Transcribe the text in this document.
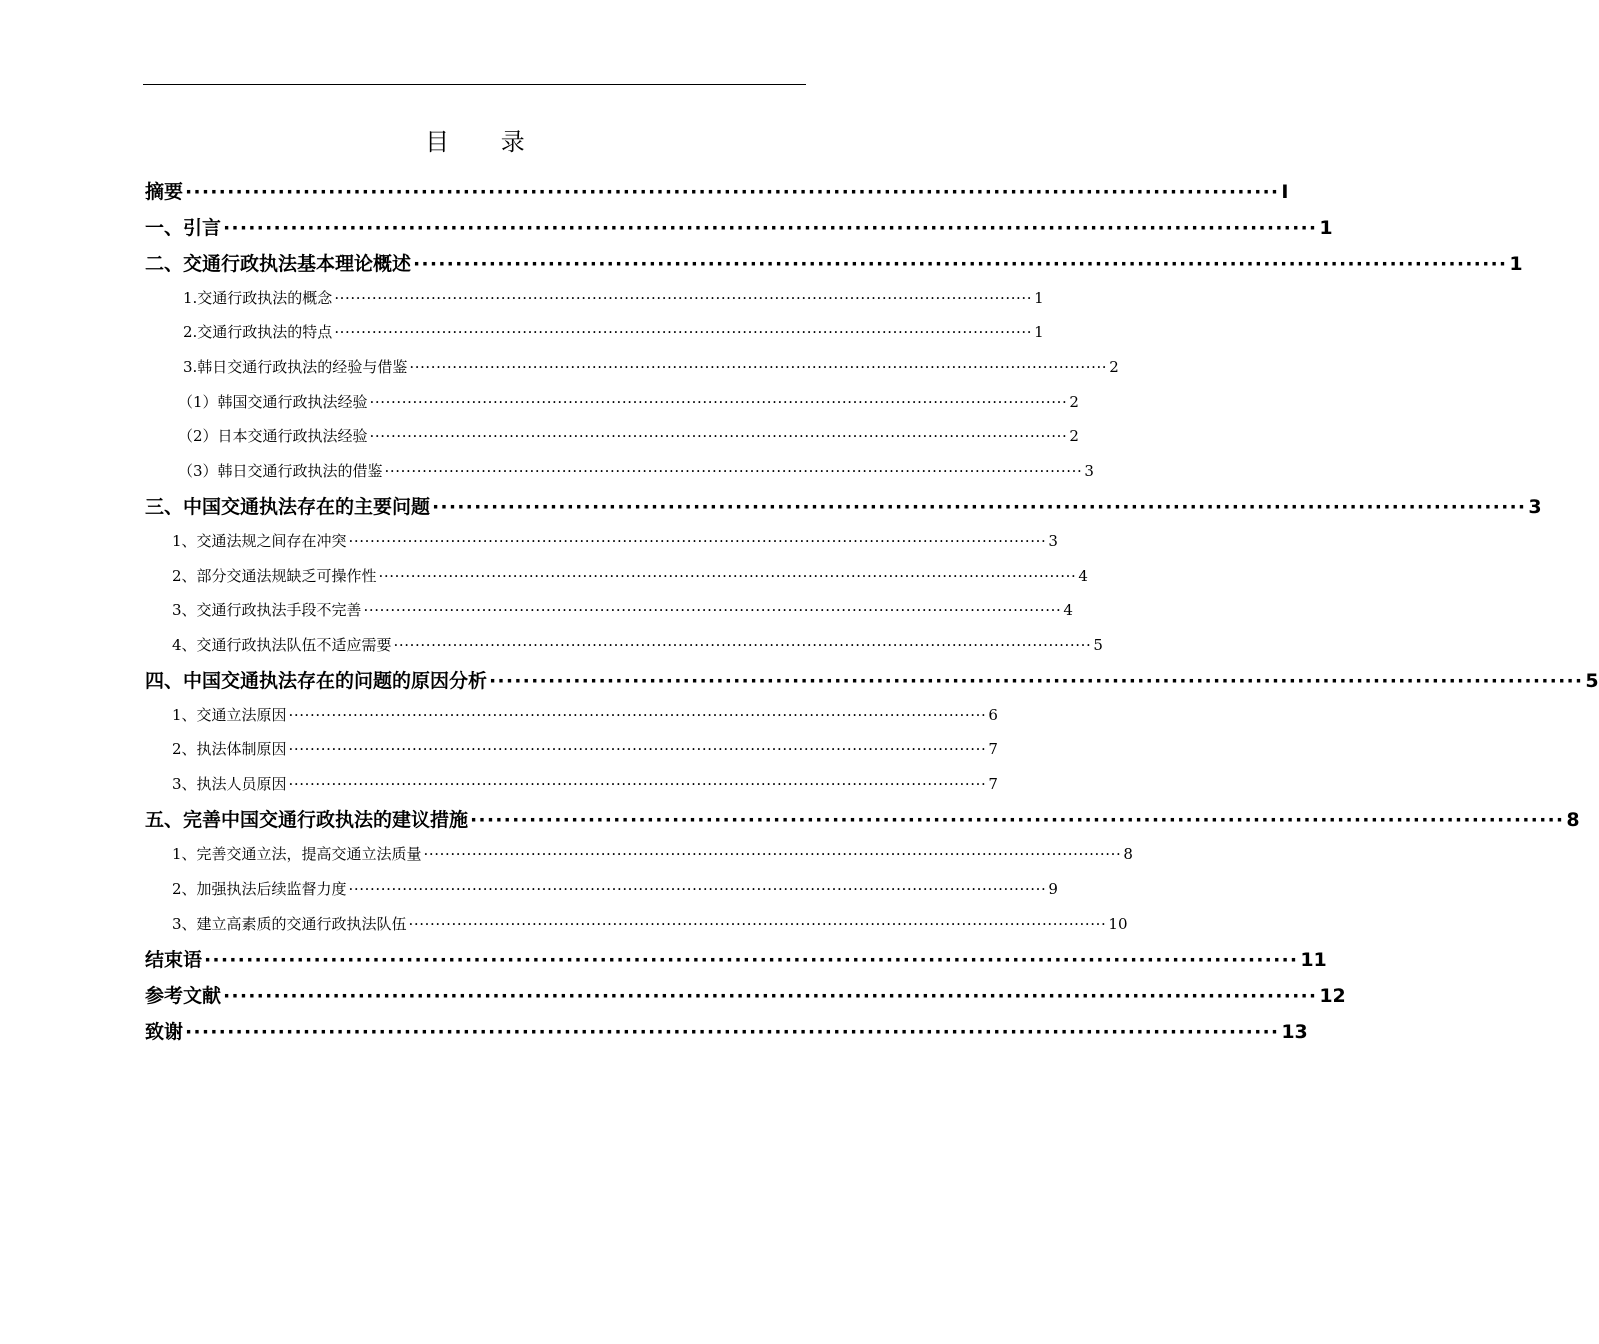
目 录
摘要 ·································································································································· I
一、引言 ·································································································································· 1
二、交通行政执法基本理论概述 ·································································································································· 1
1.交通行政执法的概念 ·································································································································· 1
2.交通行政执法的特点 ·································································································································· 1
3.韩日交通行政执法的经验与借鉴 ·································································································································· 2
（1）韩国交通行政执法经验 ·································································································································· 2
（2）日本交通行政执法经验 ·································································································································· 2
（3）韩日交通行政执法的借鉴 ·································································································································· 3
三、中国交通执法存在的主要问题 ·································································································································· 3
1、交通法规之间存在冲突 ·································································································································· 3
2、部分交通法规缺乏可操作性 ·································································································································· 4
3、交通行政执法手段不完善 ·································································································································· 4
4、交通行政执法队伍不适应需要 ·································································································································· 5
四、中国交通执法存在的问题的原因分析 ·································································································································· 5
1、交通立法原因 ·································································································································· 6
2、执法体制原因 ·································································································································· 7
3、执法人员原因 ·································································································································· 7
五、完善中国交通行政执法的建议措施 ·································································································································· 8
1、完善交通立法，提高交通立法质量 ·································································································································· 8
2、加强执法后续监督力度 ·································································································································· 9
3、建立高素质的交通行政执法队伍 ·································································································································· 10
结束语 ·································································································································· 11
参考文献 ·································································································································· 12
致谢 ·································································································································· 13
